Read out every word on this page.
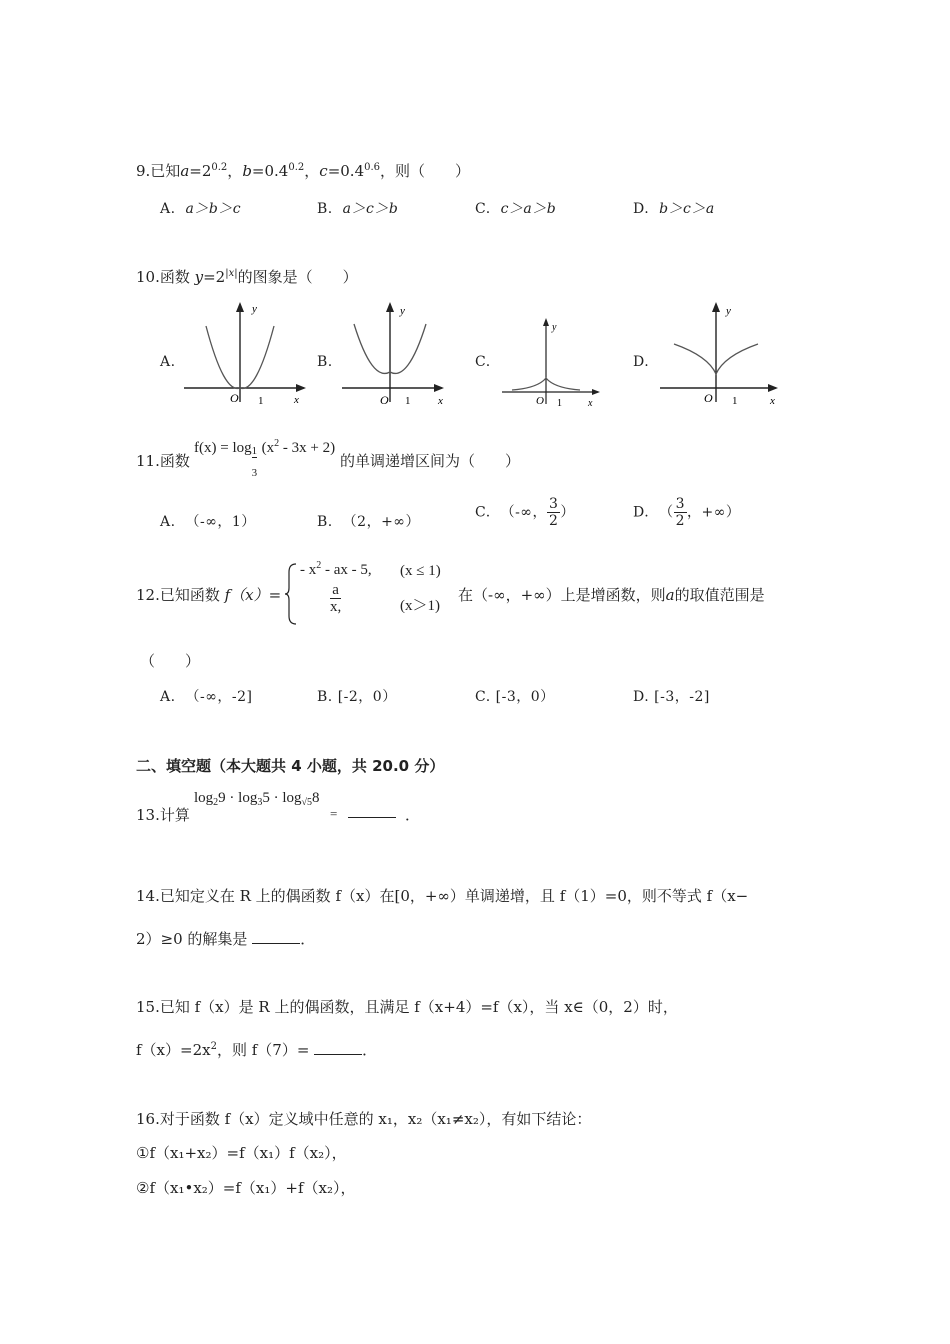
9.已知$a=2^{0.2}$，$b=0.4^{0.2}$，$c=0.4^{0.6}$，则（　　）
A. a＞b＞c	B. a＞c＞b	C. c＞a＞b	D. b＞c＞a
10.函数 $y=2^{|x|}$的图象是（　　）
A.	B.	C.	D.
y
x
O 1
y
x
O 1
y
x
O 1
y
x
O 1
11.函数
$f(x) = \log \frac{1}{3} (x^2 - 3x + 2)$
的单调递增区间为（　　）
A. （-∞，1）	B. （2，+∞）
C. （-∞， $\frac{3}{2}$ ）	D. （ $\frac{3}{2}$ ，+∞）
12.已知函数 f（x）=
- $x^2$ - ax - 5, (x ≤ 1)
$\frac{a}{x,}$	(x＞1)
在（-∞，+∞）上是增函数，则a的取值范围是
（　　）
A. （-∞，-2]	B. [-2，0）	C. [-3，0）	D. [-3，-2]
二、填空题（本大题共 4 小题，共 20.0 分）
13.计算
$\log_29 \cdot \log_35 \cdot \log_{√5}8$
=	．
14.已知定义在 R 上的偶函数 f（x）在[0，+∞）单调递增，且 f（1）=0，则不等式 f（x−
2）≥0 的解集是	．
15.已知 f（x）是 R 上的偶函数，且满足 f（x+4）=f（x），当 x∈（0，2）时，
$f(x)=2x^2$，则 f（7）=	．
16.对于函数 f（x）定义域中任意的 x₁，x₂（x₁≠x₂），有如下结论：
①f（x₁+x₂）=f（x₁）f（x₂），
②f（x₁•x₂）=f（x₁）+f（x₂），
